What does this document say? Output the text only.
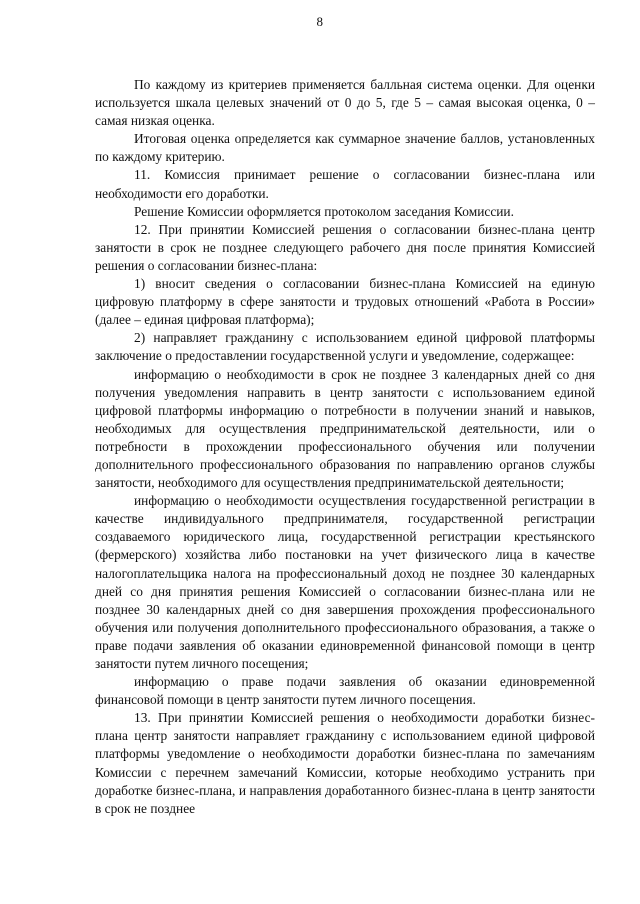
8

По каждому из критериев применяется балльная система оценки. Для оценки используется шкала целевых значений от 0 до 5, где 5 – самая высокая оценка, 0 – самая низкая оценка.

Итоговая оценка определяется как суммарное значение баллов, установленных по каждому критерию.

11. Комиссия принимает решение о согласовании бизнес-плана или необходимости его доработки.

Решение Комиссии оформляется протоколом заседания Комиссии.

12. При принятии Комиссией решения о согласовании бизнес-плана центр занятости в срок не позднее следующего рабочего дня после принятия Комиссией решения о согласовании бизнес-плана:

1) вносит сведения о согласовании бизнес-плана Комиссией на единую цифровую платформу в сфере занятости и трудовых отношений «Работа в России» (далее – единая цифровая платформа);

2) направляет гражданину с использованием единой цифровой платформы заключение о предоставлении государственной услуги и уведомление, содержащее:

информацию о необходимости в срок не позднее 3 календарных дней со дня получения уведомления направить в центр занятости с использованием единой цифровой платформы информацию о потребности в получении знаний и навыков, необходимых для осуществления предпринимательской деятельности, или о потребности в прохождении профессионального обучения или получении дополнительного профессионального образования по направлению органов службы занятости, необходимого для осуществления предпринимательской деятельности;

информацию о необходимости осуществления государственной регистрации в качестве индивидуального предпринимателя, государственной регистрации создаваемого юридического лица, государственной регистрации крестьянского (фермерского) хозяйства либо постановки на учет физического лица в качестве налогоплательщика налога на профессиональный доход не позднее 30 календарных дней со дня принятия решения Комиссией о согласовании бизнес-плана или не позднее 30 календарных дней со дня завершения прохождения профессионального обучения или получения дополнительного профессионального образования, а также о праве подачи заявления об оказании единовременной финансовой помощи в центр занятости путем личного посещения;

информацию о праве подачи заявления об оказании единовременной финансовой помощи в центр занятости путем личного посещения.

13. При принятии Комиссией решения о необходимости доработки бизнес-плана центр занятости направляет гражданину с использованием единой цифровой платформы уведомление о необходимости доработки бизнес-плана по замечаниям Комиссии с перечнем замечаний Комиссии, которые необходимо устранить при доработке бизнес-плана, и направления доработанного бизнес-плана в центр занятости в срок не позднее
